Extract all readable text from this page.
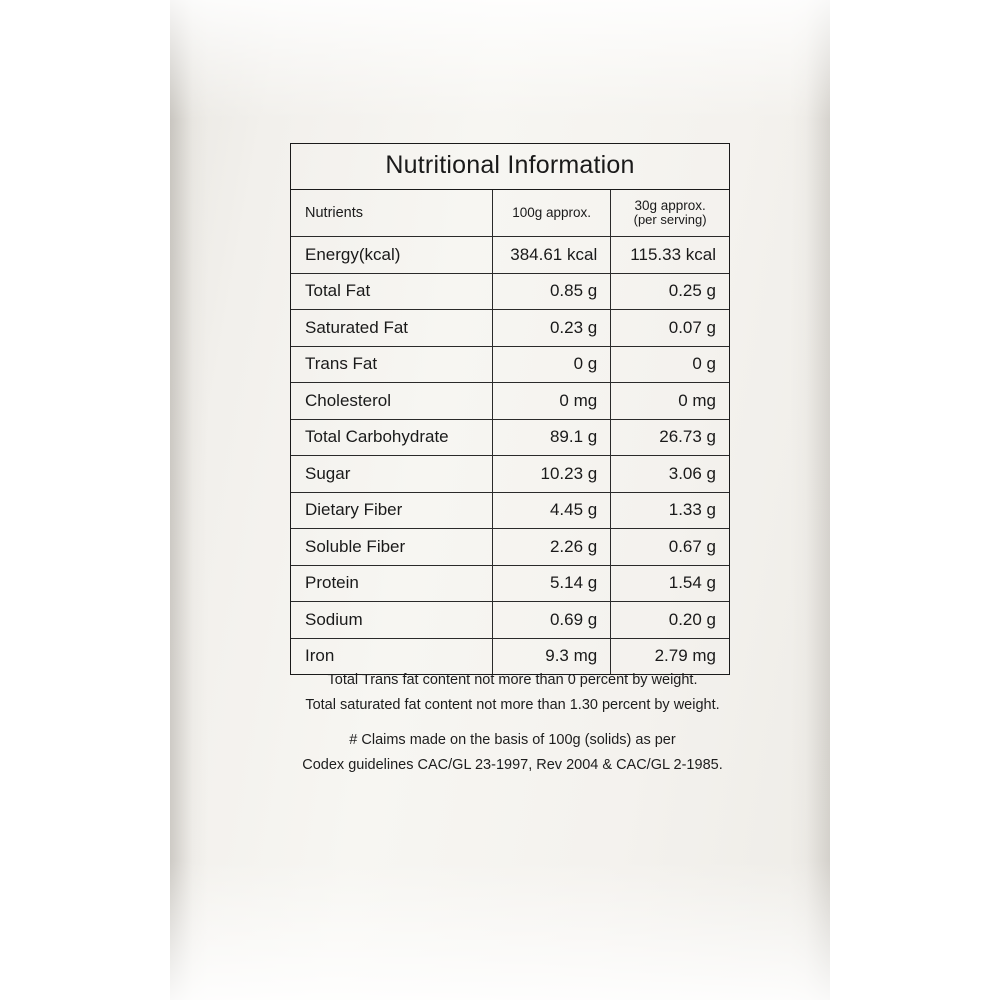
Nutritional Information
Nutrients	100g approx.	30g approx.
(per serving)

Energy(kcal)	384.61 kcal	115.33 kcal
Total Fat	0.85 g	0.25 g
Saturated Fat	0.23 g	0.07 g
Trans Fat	0 g	0 g
Cholesterol	0 mg	0 mg
Total Carbohydrate	89.1 g	26.73 g
Sugar	10.23 g	3.06 g
Dietary Fiber	4.45 g	1.33 g
Soluble Fiber	2.26 g	0.67 g
Protein	5.14 g	1.54 g
Sodium	0.69 g	0.20 g
Iron	9.3 mg	2.79 mg
Total Trans fat content not more than 0 percent by weight.
Total saturated fat content not more than 1.30 percent by weight.
# Claims made on the basis of 100g (solids) as per
Codex guidelines CAC/GL 23-1997, Rev 2004 & CAC/GL 2-1985.
